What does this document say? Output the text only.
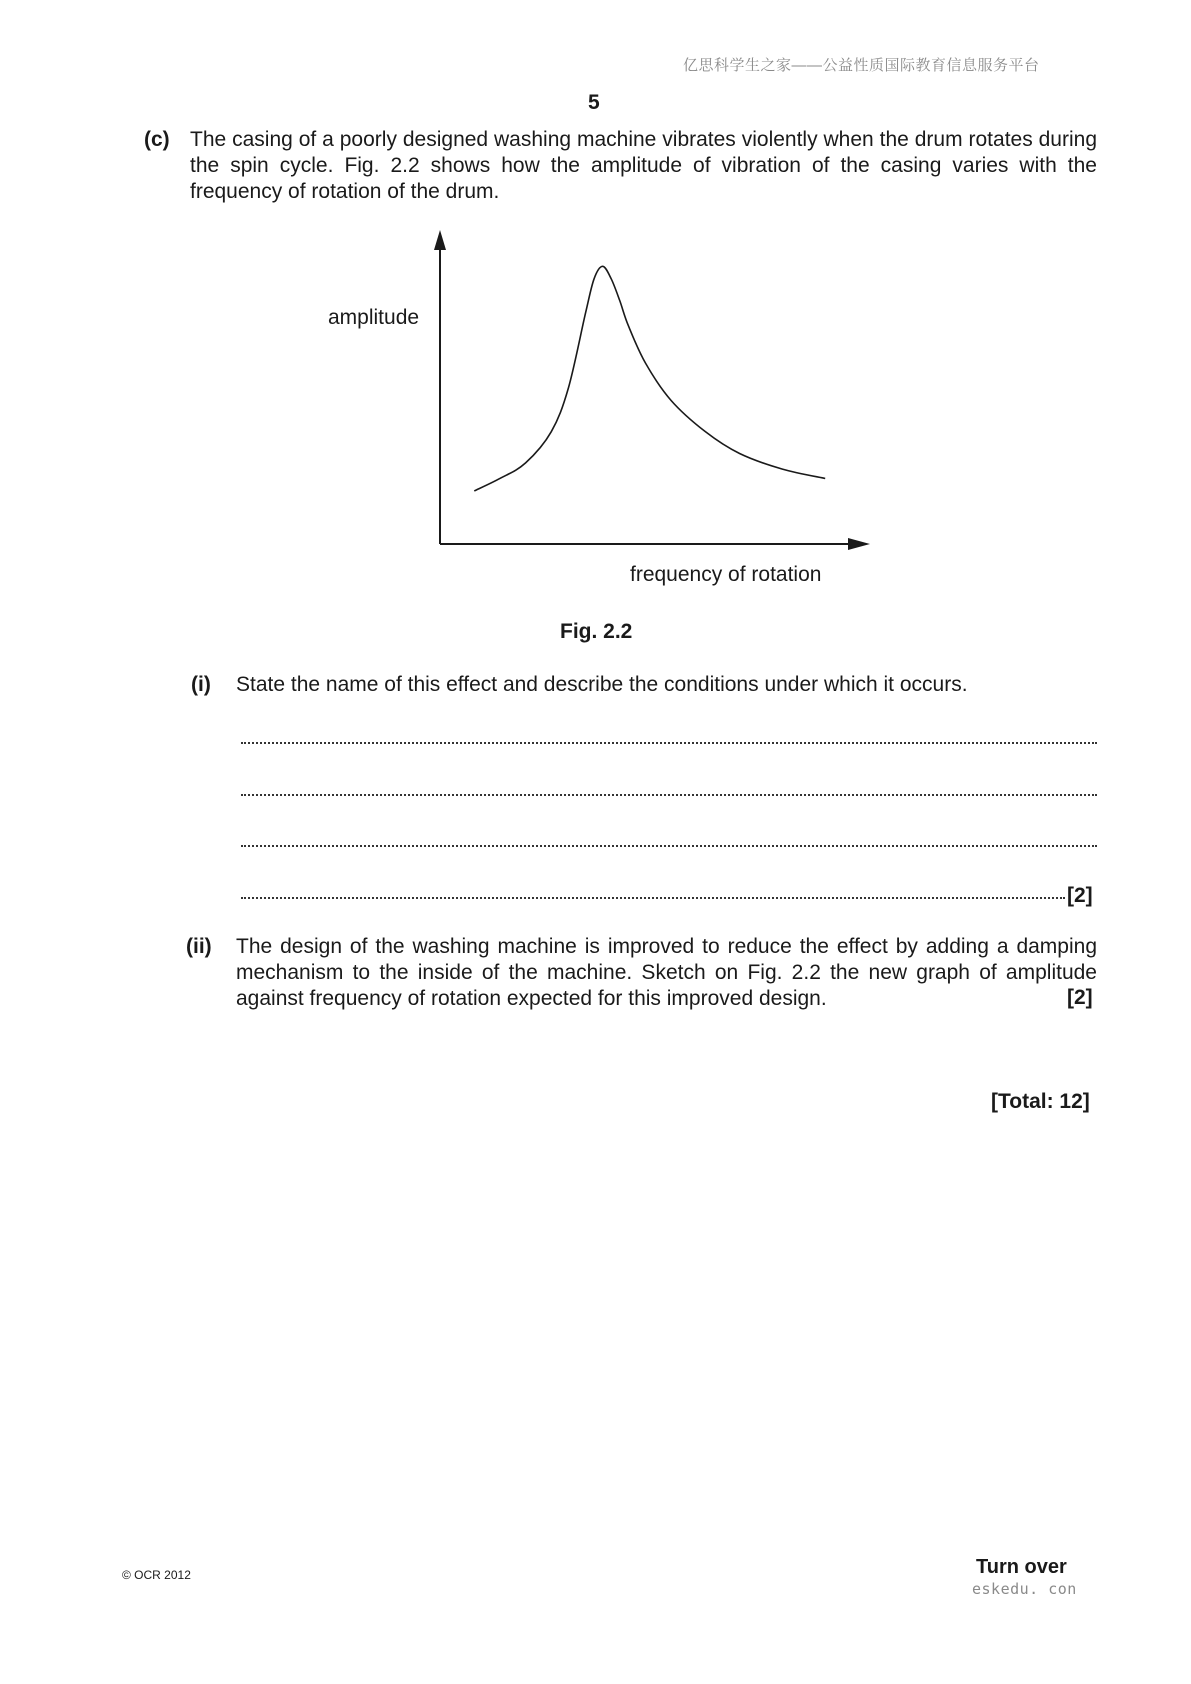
亿思科学生之家——公益性质国际教育信息服务平台
5
(c) The casing of a poorly designed washing machine vibrates violently when the drum rotates during the spin cycle. Fig. 2.2 shows how the amplitude of vibration of the casing varies with the frequency of rotation of the drum.
amplitude
frequency of rotation
Fig. 2.2
(i) State the name of this effect and describe the conditions under which it occurs.
[2]
(ii) The design of the washing machine is improved to reduce the effect by adding a damping mechanism to the inside of the machine. Sketch on Fig. 2.2 the new graph of amplitude against frequency of rotation expected for this improved design.	[2]
[Total: 12]
© OCR 2012	Turn over
eskedu. con
